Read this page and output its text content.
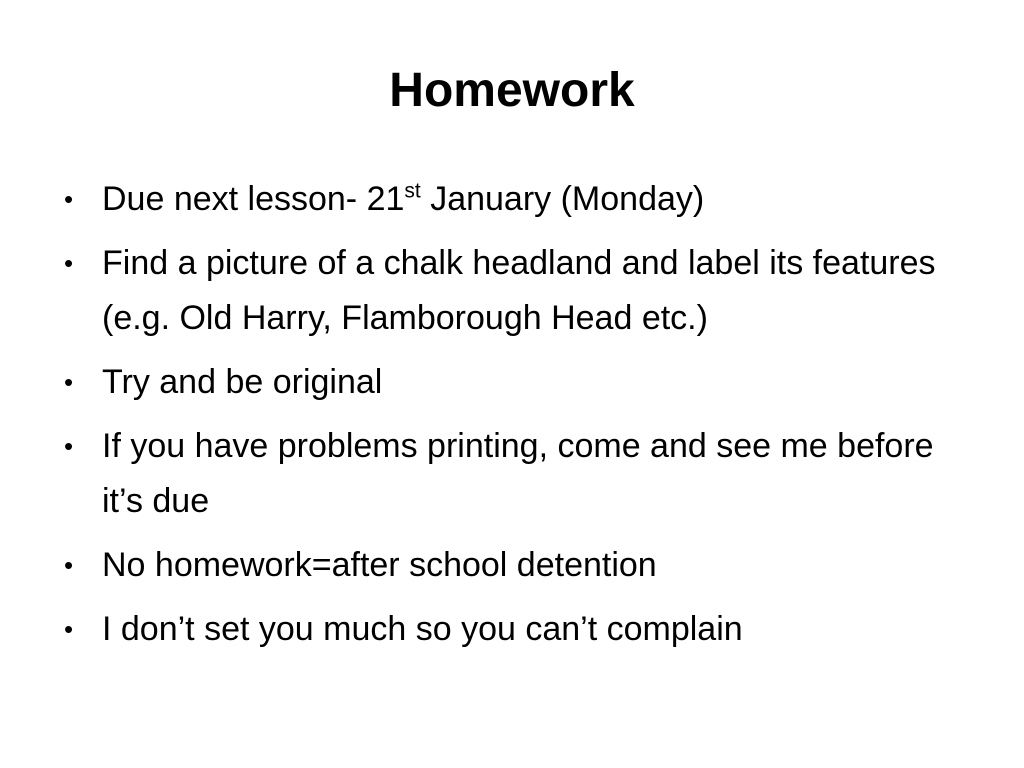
Homework
• Due next lesson- 21st January (Monday)
• Find a picture of a chalk headland and label its features (e.g. Old Harry, Flamborough Head etc.)
• Try and be original
• If you have problems printing, come and see me before it’s due
• No homework=after school detention
• I don’t set you much so you can’t complain
